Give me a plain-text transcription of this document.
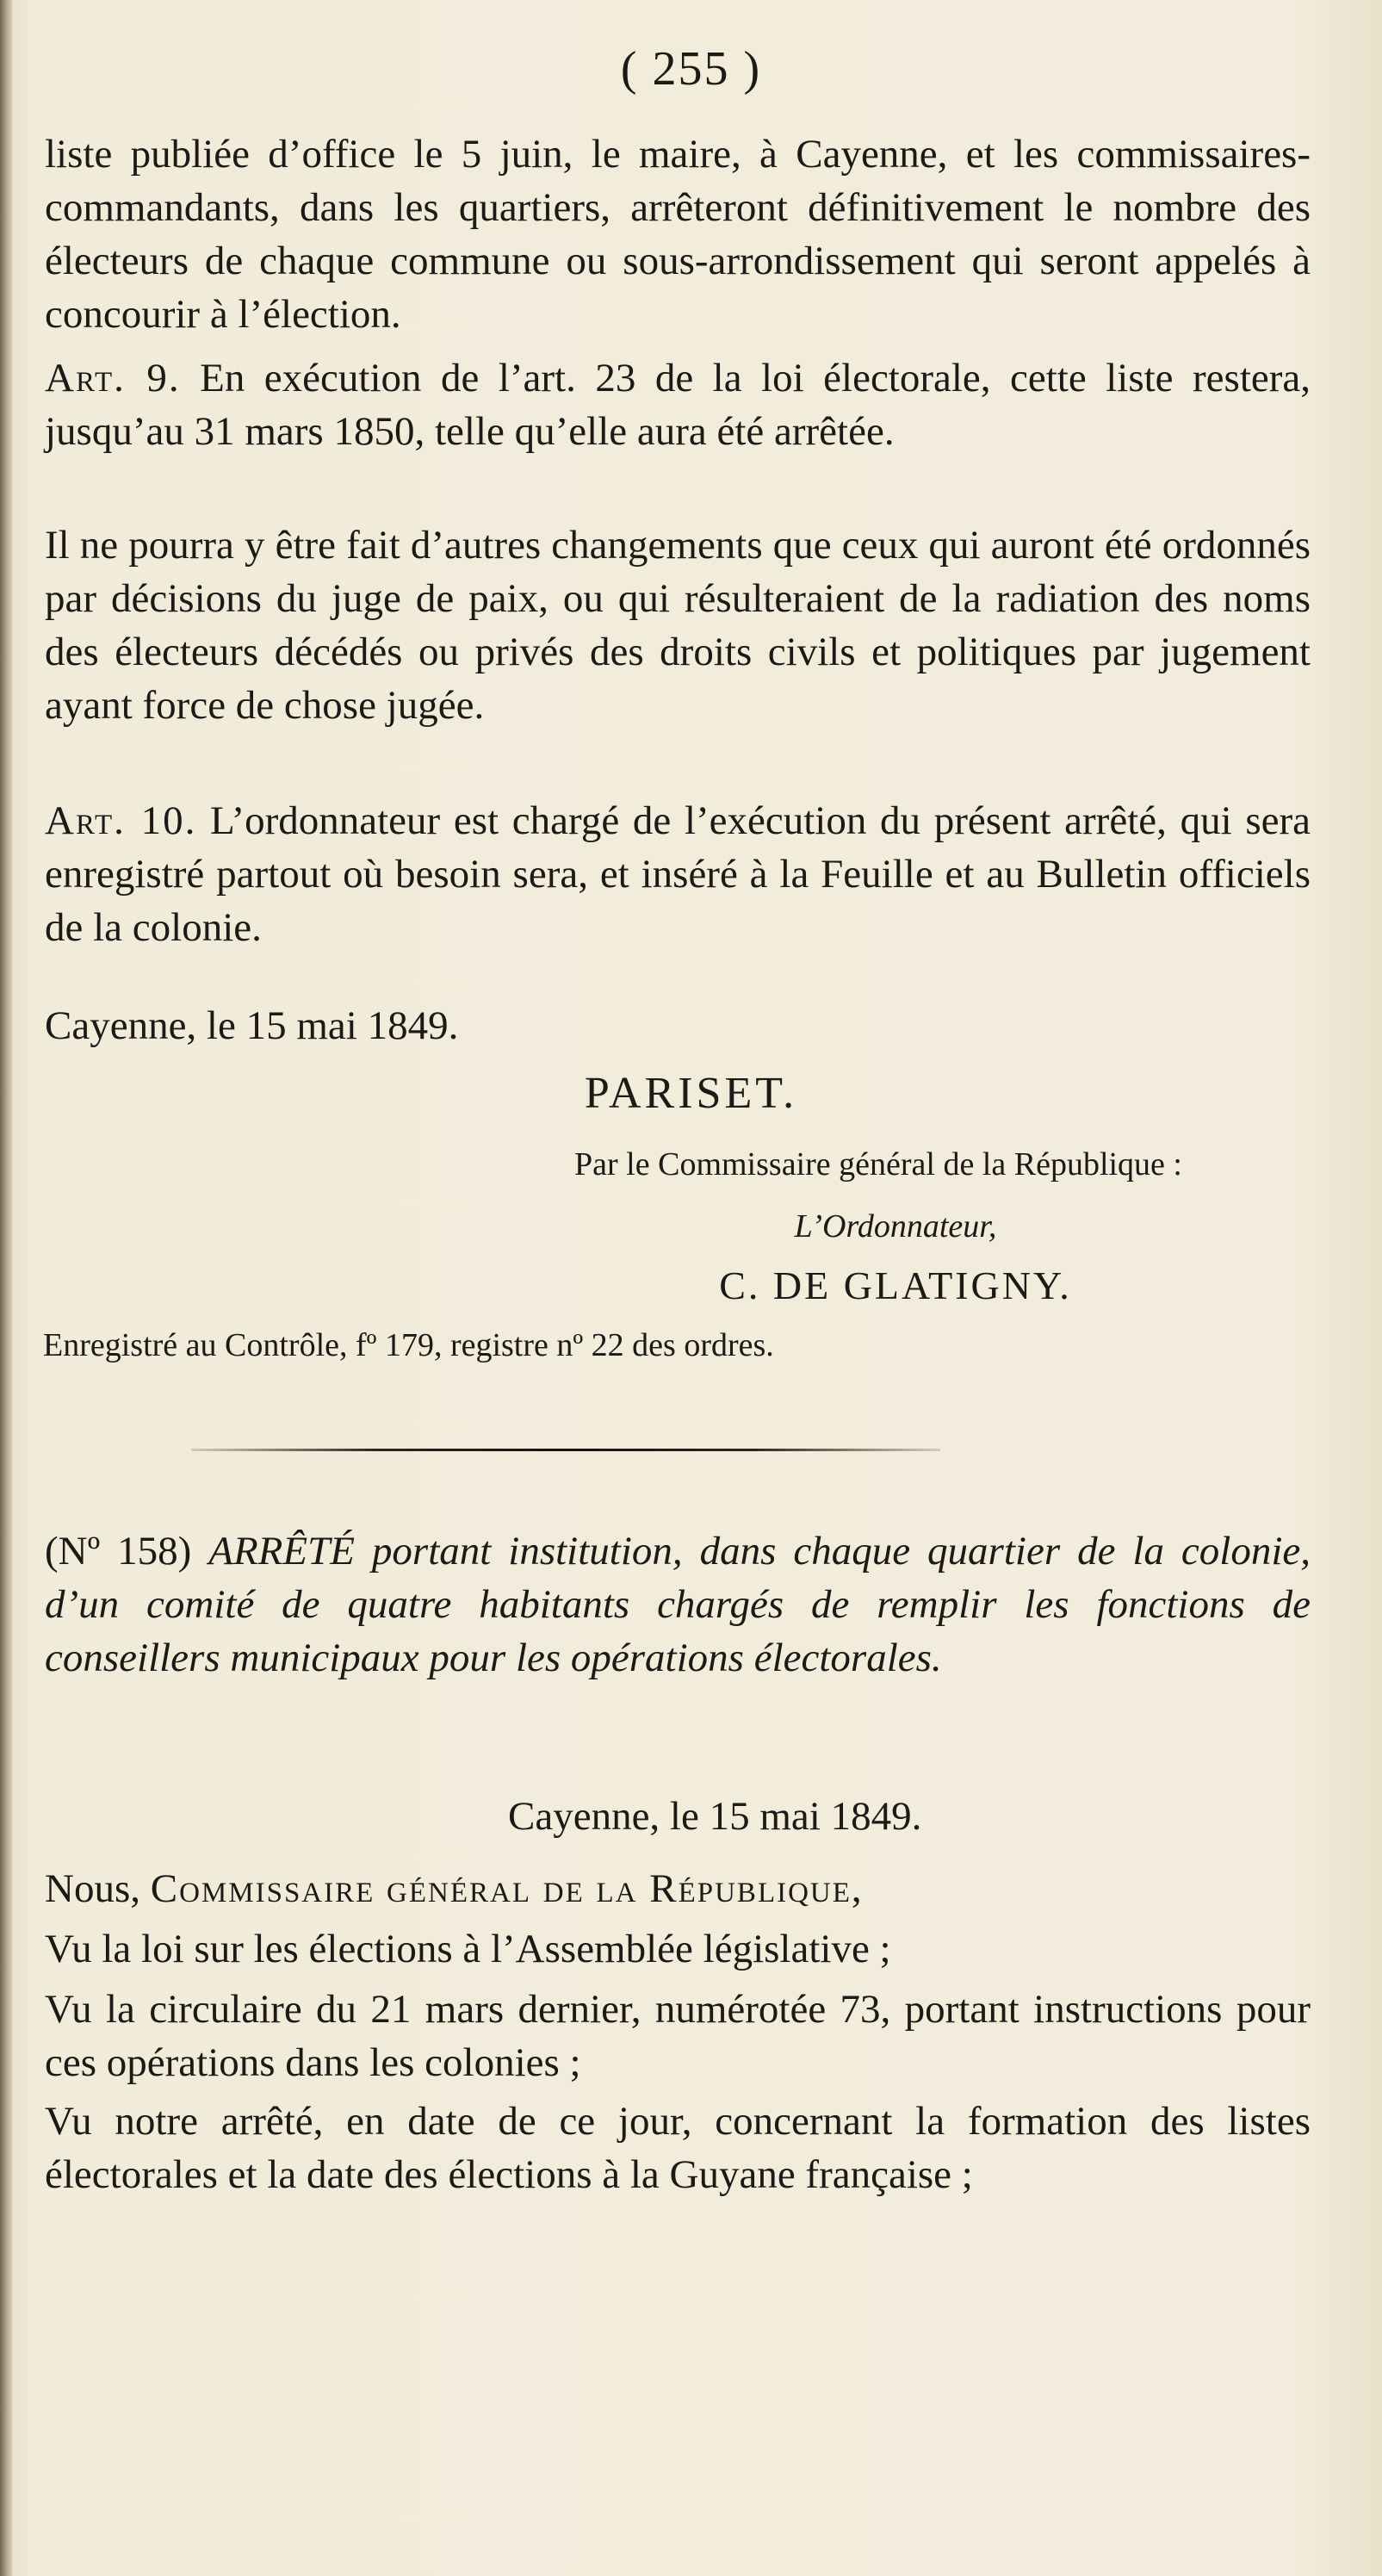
( 255 )

liste publiée d’office le 5 juin, le maire, à Cayenne, et les commissaires-commandants, dans les quartiers, arrêteront définitivement le nombre des électeurs de chaque commune ou sous-arrondissement qui seront appelés à concourir à l’élection.

Art. 9. En exécution de l’art. 23 de la loi électorale, cette liste restera, jusqu’au 31 mars 1850, telle qu’elle aura été arrêtée.

Il ne pourra y être fait d’autres changements que ceux qui auront été ordonnés par décisions du juge de paix, ou qui résulteraient de la radiation des noms des électeurs décédés ou privés des droits civils et politiques par jugement ayant force de chose jugée.

Art. 10. L’ordonnateur est chargé de l’exécution du présent arrêté, qui sera enregistré partout où besoin sera, et inséré à la Feuille et au Bulletin officiels de la colonie.

Cayenne, le 15 mai 1849.

PARISET.

Par le Commissaire général de la République :

L’Ordonnateur,

C. DE GLATIGNY.

Enregistré au Contrôle, fº 179, registre nº 22 des ordres.

(Nº 158) ARRÊTÉ portant institution, dans chaque quartier de la colonie, d’un comité de quatre habitants chargés de remplir les fonctions de conseillers municipaux pour les opérations électorales.

Cayenne, le 15 mai 1849.

Nous, Commissaire général de la République,

Vu la loi sur les élections à l’Assemblée législative ;

Vu la circulaire du 21 mars dernier, numérotée 73, portant instructions pour ces opérations dans les colonies ;

Vu notre arrêté, en date de ce jour, concernant la formation des listes électorales et la date des élections à la Guyane française ;
